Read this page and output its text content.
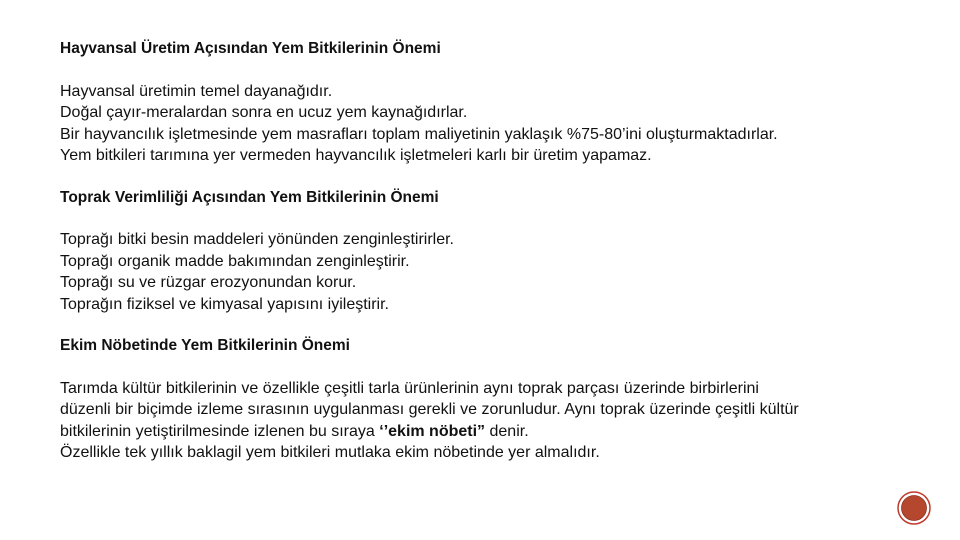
Hayvansal Üretim Açısından Yem Bitkilerinin Önemi

Hayvansal üretimin temel dayanağıdır.
Doğal çayır-meralardan sonra en ucuz yem kaynağıdırlar.
Bir hayvancılık işletmesinde yem masrafları toplam maliyetinin yaklaşık %75-80’ini oluşturmaktadırlar.
Yem bitkileri tarımına yer vermeden hayvancılık işletmeleri karlı bir üretim yapamaz.

Toprak Verimliliği Açısından Yem Bitkilerinin Önemi

Toprağı bitki besin maddeleri yönünden zenginleştirirler.
Toprağı organik madde bakımından zenginleştirir.
Toprağı su ve rüzgar erozyonundan korur.
Toprağın fiziksel ve kimyasal yapısını iyileştirir.

Ekim Nöbetinde Yem Bitkilerinin Önemi

Tarımda kültür bitkilerinin ve özellikle çeşitli tarla ürünlerinin aynı toprak parçası üzerinde birbirlerini
düzenli bir biçimde izleme sırasının uygulanması gerekli ve zorunludur. Aynı toprak üzerinde çeşitli kültür
bitkilerinin yetiştirilmesinde izlenen bu sıraya ‘’ekim nöbeti” denir.
Özellikle tek yıllık baklagil yem bitkileri mutlaka ekim nöbetinde yer almalıdır.
